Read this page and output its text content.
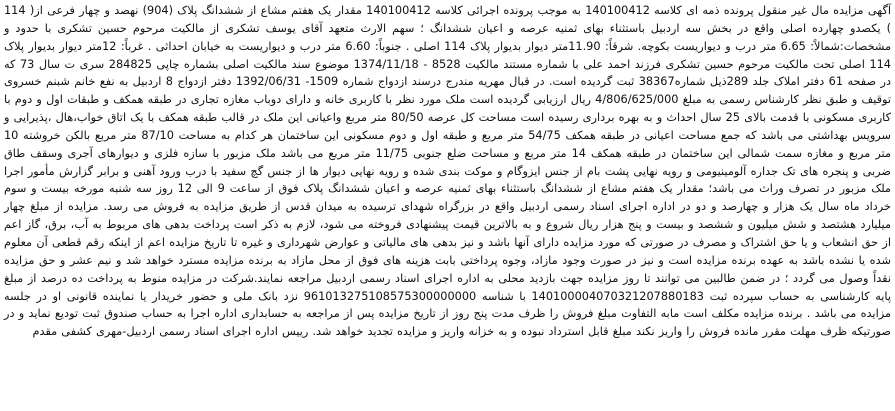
آگهی مزایده مال غیر منقول پرونده ذمه ای کلاسه 140100412 به موجب پرونده اجرائی کلاسه 140100412 مقدار یک هفتم مشاع از ششدانگ پلاک (904) نهصد و چهار فرعی از( 114 ) یکصدو چهارده اصلی واقع در بخش سه اردبیل باستثناء بهای ثمنیه عرصه و اعیان ششدانگ ؛ سهم الارث متعهد آقای یوسف تشکری از مالکیت مرحوم حسین تشکری با حدود و مشخصات:شمالاً: 6.65 متر درب و دیواریست بکوچه. شرقاً: 11.90متر دیوار بدیوار پلاک 114 اصلی . جنوباً: 6.60 متر درب و دیواریست به خیابان احداثی . غرباً: 12متر دیوار بدیوار پلاک 114 اصلی تحت مالکیت مرحوم حسین تشکری فرزند احمد علی با شماره مستند مالکیت 8528 - 1374/11/18 موضوع سند مالکیت اصلی بشماره چاپی 284825 سری ت سال 73 که در صفحه 61 دفتر املاک جلد 289ذیل شماره38367 ثبت گردیده است. در قبال مهریه مندرج درسند ازدواج شماره 1509- 1392/06/31 دفتر ازدواج 8 اردبیل به نفع خانم شبنم خسروی توقیف و طبق نظر کارشناس رسمی به مبلغ 4/806/625/000 ریال ارزیابی گردیده است ملک مورد نظر با کاربری خانه و دارای دوباب مغازه تجاری در طبقه همکف و طبقات اول و دوم با کاربری مسکونی با قدمت بالای 25 سال احداث و به بهره برداری رسیده است مساحت کل عرصه 80/50 متر مربع واعیانی این ملک در قالب طبقه همکف با یک اتاق خواب،هال ،پذیرایی و سرویس بهداشتی می باشد که جمع مساحت اعیانی در طبقه همکف 54/75 متر مربع و طبقه اول و دوم مسکونی این ساختمان هر کدام به مساحت 87/10 متر مربع بالکن خروشته 10 متر مربع و مغازه سمت شمالی این ساختمان در طبقه همکف 14 متر مربع و مساحت ضلع جنوبی 11/75 متر مربع می باشد ملک مزبور با سازه فلزی و دیوارهای آجری وسقف طاق ضربی و پنجره های تک جداره آلومینیومی و رویه نهایی پشت بام از جنس ایزوگام و موکت بندی شده و رویه نهایی دیوار ها از جنس گچ سفید با درب ورود آهنی و برابر گزارش مأمور اجرا ملک مزبور در تصرف وراث می باشد؛ مقدار یک هفتم مشاع از ششدانگ باستثناء بهای ثمنیه عرصه و اعیان ششدانگ پلاک فوق از ساعت 9 الی 12 روز سه شنبه مورخه بیست و سوم خرداد ماه سال یک هزار و چهارصد و دو در اداره اجرای اسناد رسمی اردبیل واقع در بزرگراه شهدای ترسیده به میدان قدس از طریق مزایده به فروش می رسد. مزایده از مبلغ چهار میلیارد هشتصد و شش میلیون و ششصد و بیست و پنج هزار ریال شروع و به بالاترین قیمت پیشنهادی فروخته می شود، لازم به ذکر است پرداخت بدهی های مربوط به آب، برق، گاز اعم از حق انشعاب و یا حق اشتراک و مصرف در صورتی که مورد مزایده دارای آنها باشد و نیز بدهی های مالیاتی و عوارض شهرداری و غیره تا تاریخ مزایده اعم از اینکه رقم قطعی آن معلوم شده یا نشده باشد به عهده برنده مزایده است و نیز در صورت وجود مازاد، وجوه پرداختی بابت هزینه های فوق از محل مازاد به برنده مزایده مسترد خواهد شد و نیم عشر و حق مزایده نقداً وصول می گردد ؛ در ضمن طالبین می توانند تا روز مزایده جهت بازدید محلی به اداره اجرای اسناد رسمی اردبیل مراجعه نمایند.شرکت در مزایده منوط به پرداخت ده درصد از مبلغ پایه کارشناسی به حساب سپرده ثبت 140100004070321207880183 با شناسه 961013275108575300000000 نزد بانک ملی و حضور خریدار یا نماینده قانونی او در جلسه مزایده می باشد . برنده مزایده مکلف است مابه التفاوت مبلغ فروش را ظرف مدت پنج روز از تاریخ مزایده پس از مراجعه به حسابداری اداره اجرا به حساب صندوق ثبت تودیع نماید و در صورتیکه ظرف مهلت مقرر مانده فروش را واریز نکند مبلغ قابل استرداد نبوده و به خزانه واریز و مزایده تجدید خواهد شد. رییس اداره اجرای اسناد رسمی اردبیل-مهری کشفی مقدم
